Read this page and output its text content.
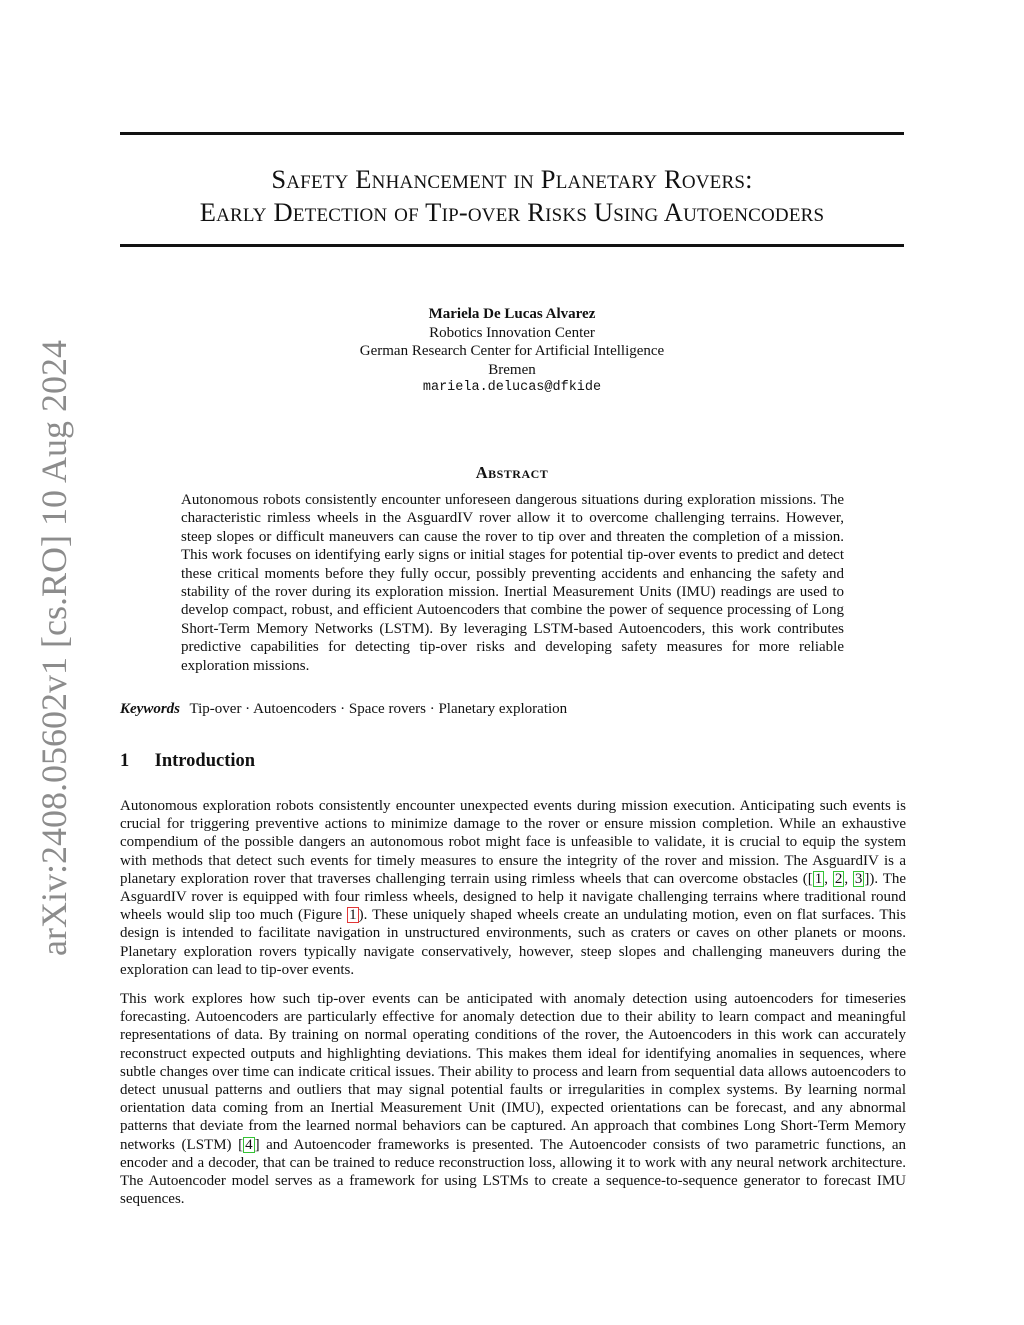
arXiv:2408.05602v1 [cs.RO] 10 Aug 2024
Safety Enhancement in Planetary Rovers:
Early Detection of Tip-over Risks Using Autoencoders
Mariela De Lucas Alvarez
Robotics Innovation Center
German Research Center for Artificial Intelligence
Bremen
mariela.delucas@dfkide
Abstract
Autonomous robots consistently encounter unforeseen dangerous situations during exploration missions. The characteristic rimless wheels in the AsguardIV rover allow it to overcome challenging terrains. However, steep slopes or difficult maneuvers can cause the rover to tip over and threaten the completion of a mission. This work focuses on identifying early signs or initial stages for potential tip-over events to predict and detect these critical moments before they fully occur, possibly preventing accidents and enhancing the safety and stability of the rover during its exploration mission. Inertial Measurement Units (IMU) readings are used to develop compact, robust, and efficient Autoencoders that combine the power of sequence processing of Long Short-Term Memory Networks (LSTM). By leveraging LSTM-based Autoencoders, this work contributes predictive capabilities for detecting tip-over risks and developing safety measures for more reliable exploration missions.
Keywords Tip-over · Autoencoders · Space rovers · Planetary exploration
1 Introduction
Autonomous exploration robots consistently encounter unexpected events during mission execution. Anticipating such events is crucial for triggering preventive actions to minimize damage to the rover or ensure mission completion. While an exhaustive compendium of the possible dangers an autonomous robot might face is unfeasible to validate, it is crucial to equip the system with methods that detect such events for timely measures to ensure the integrity of the rover and mission. The AsguardIV is a planetary exploration rover that traverses challenging terrain using rimless wheels that can overcome obstacles ([ 1 , 2 , 3 ]). The AsguardIV rover is equipped with four rimless wheels, designed to help it navigate challenging terrains where traditional round wheels would slip too much (Figure 1 ). These uniquely shaped wheels create an undulating motion, even on flat surfaces. This design is intended to facilitate navigation in unstructured environments, such as craters or caves on other planets or moons. Planetary exploration rovers typically navigate conservatively, however, steep slopes and challenging maneuvers during the exploration can lead to tip-over events.
This work explores how such tip-over events can be anticipated with anomaly detection using autoencoders for timeseries forecasting. Autoencoders are particularly effective for anomaly detection due to their ability to learn compact and meaningful representations of data. By training on normal operating conditions of the rover, the Autoencoders in this work can accurately reconstruct expected outputs and highlighting deviations. This makes them ideal for identifying anomalies in sequences, where subtle changes over time can indicate critical issues. Their ability to process and learn from sequential data allows autoencoders to detect unusual patterns and outliers that may signal potential faults or irregularities in complex systems. By learning normal orientation data coming from an Inertial Measurement Unit (IMU), expected orientations can be forecast, and any abnormal patterns that deviate from the learned normal behaviors can be captured. An approach that combines Long Short-Term Memory networks (LSTM) [ 4 ] and Autoencoder frameworks is presented. The Autoencoder consists of two parametric functions, an encoder and a decoder, that can be trained to reduce reconstruction loss, allowing it to work with any neural network architecture. The Autoencoder model serves as a framework for using LSTMs to create a sequence-to-sequence generator to forecast IMU sequences.
